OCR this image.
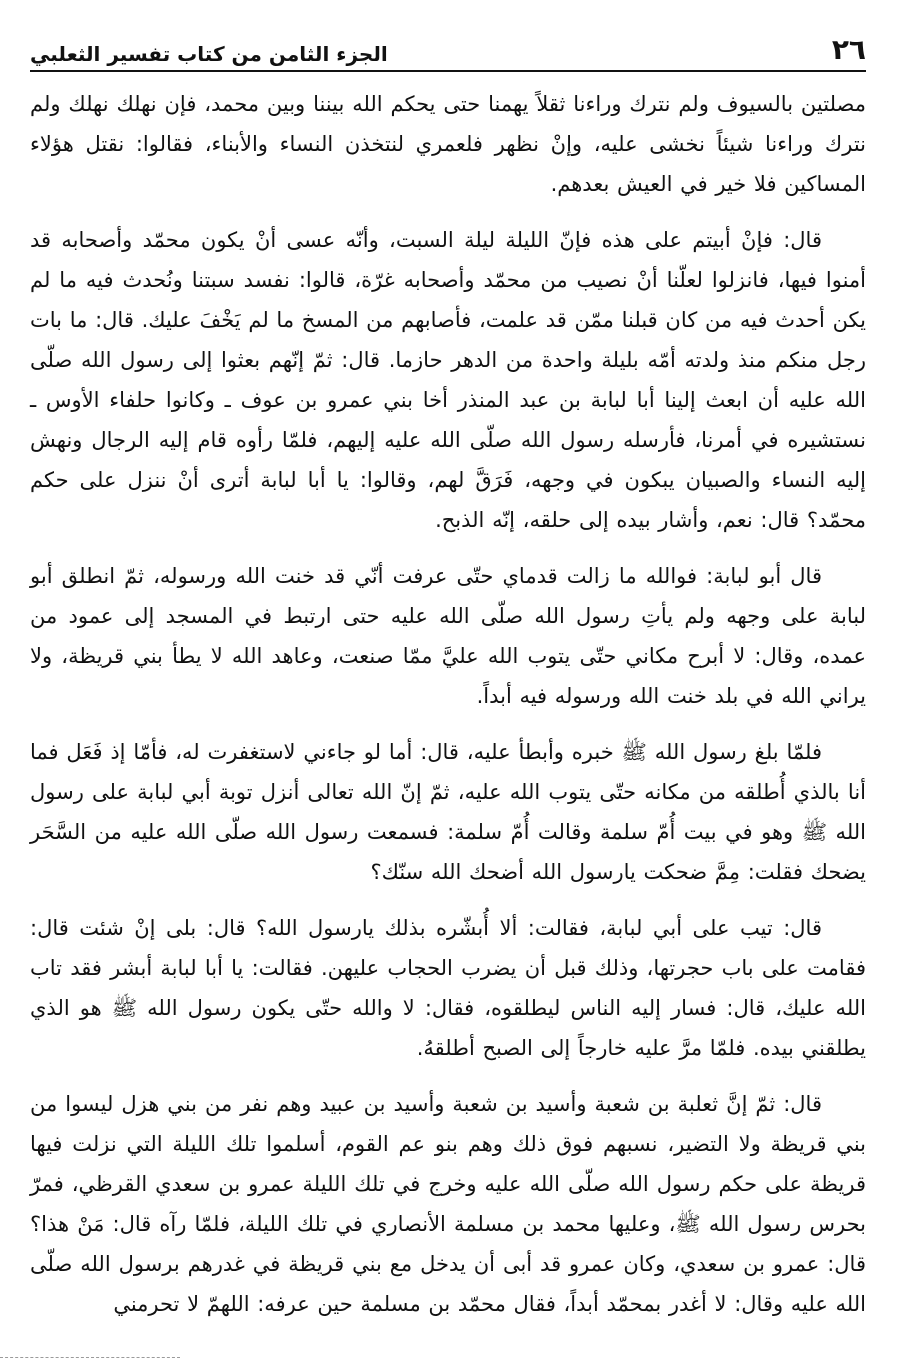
٢٦
الجزء الثامن من كتاب تفسير الثعلبي

مصلتين بالسيوف ولم نترك وراءنا ثقلاً يهمنا حتى يحكم الله بيننا وبين محمد، فإن نهلك نهلك ولم نترك وراءنا شيئاً نخشى عليه، وإنْ نظهر فلعمري لنتخذن النساء والأبناء، فقالوا: نقتل هؤلاء المساكين فلا خير في العيش بعدهم.

قال: فإنْ أبيتم على هذه فإنّ الليلة ليلة السبت، وأنّه عسى أنْ يكون محمّد وأصحابه قد أمنوا فيها، فانزلوا لعلّنا أنْ نصيب من محمّد وأصحابه غرّة، قالوا: نفسد سبتنا ونُحدث فيه ما لم يكن أحدث فيه من كان قبلنا ممّن قد علمت، فأصابهم من المسخ ما لم يَخْفَ عليك. قال: ما بات رجل منكم منذ ولدته أمّه بليلة واحدة من الدهر حازما. قال: ثمّ إنّهم بعثوا إلى رسول الله صلّى الله عليه أن ابعث إلينا أبا لبابة بن عبد المنذر أخا بني عمرو بن عوف ـ وكانوا حلفاء الأوس ـ نستشيره في أمرنا، فأرسله رسول الله صلّى الله عليه إليهم، فلمّا رأوه قام إليه الرجال ونهش إليه النساء والصبيان يبكون في وجهه، فَرَقَّ لهم، وقالوا: يا أبا لبابة أترى أنْ ننزل على حكم محمّد؟ قال: نعم، وأشار بيده إلى حلقه، إنّه الذبح.

قال أبو لبابة: فوالله ما زالت قدماي حتّى عرفت أنّي قد خنت الله ورسوله، ثمّ انطلق أبو لبابة على وجهه ولم يأتِ رسول الله صلّى الله عليه حتى ارتبط في المسجد إلى عمود من عمده، وقال: لا أبرح مكاني حتّى يتوب الله عليَّ ممّا صنعت، وعاهد الله لا يطأ بني قريظة، ولا يراني الله في بلد خنت الله ورسوله فيه أبداً.

فلمّا بلغ رسول الله ﷺ خبره وأبطأ عليه، قال: أما لو جاءني لاستغفرت له، فأمّا إذ فَعَل فما أنا بالذي أُطلقه من مكانه حتّى يتوب الله عليه، ثمّ إنّ الله تعالى أنزل توبة أبي لبابة على رسول الله ﷺ وهو في بيت أُمّ سلمة وقالت أُمّ سلمة: فسمعت رسول الله صلّى الله عليه من السَّحَر يضحك فقلت: مِمَّ ضحكت يارسول الله أضحك الله سنّك؟

قال: تيب على أبي لبابة، فقالت: ألا أُبشّره بذلك يارسول الله؟ قال: بلى إنْ شئت قال: فقامت على باب حجرتها، وذلك قبل أن يضرب الحجاب عليهن. فقالت: يا أبا لبابة أبشر فقد تاب الله عليك، قال: فسار إليه الناس ليطلقوه، فقال: لا والله حتّى يكون رسول الله ﷺ هو الذي يطلقني بيده. فلمّا مرَّ عليه خارجاً إلى الصبح أطلقهُ.

قال: ثمّ إنَّ ثعلبة بن شعبة وأسيد بن شعبة وأسيد بن عبيد وهم نفر من بني هزل ليسوا من بني قريظة ولا التضير، نسبهم فوق ذلك وهم بنو عم القوم، أسلموا تلك الليلة التي نزلت فيها قريظة على حكم رسول الله صلّى الله عليه وخرج في تلك الليلة عمرو بن سعدي القرظي، فمرّ بحرس رسول الله ﷺ، وعليها محمد بن مسلمة الأنصاري في تلك الليلة، فلمّا رآه قال: مَنْ هذا؟ قال: عمرو بن سعدي، وكان عمرو قد أبى أن يدخل مع بني قريظة في غدرهم برسول الله صلّى الله عليه وقال: لا أغدر بمحمّد أبداً، فقال محمّد بن مسلمة حين عرفه: اللهمّ لا تحرمني
